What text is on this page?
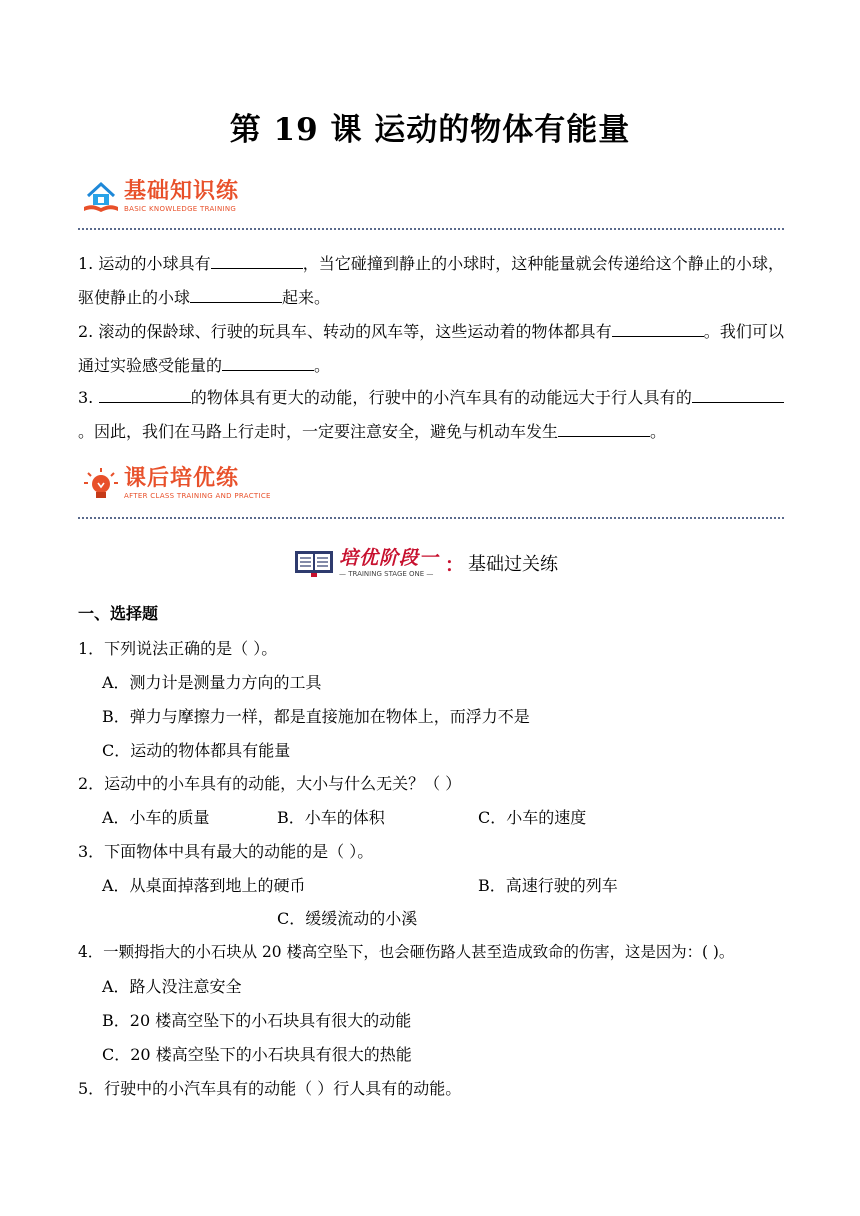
第 19 课 运动的物体有能量
基础知识练
BASIC KNOWLEDGE TRAINING
1. 运动的小球具有	，当它碰撞到静止的小球时，这种能量就会传递给这个静止的小球，驱使静止的小球	起来。
2. 滚动的保龄球、行驶的玩具车、转动的风车等，这些运动着的物体都具有	。我们可以通过实验感受能量的	。
3.	的物体具有更大的动能，行驶中的小汽车具有的动能远大于行人具有的。因此，我们在马路上行走时，一定要注意安全，避免与机动车发生	。
课后培优练
AFTER CLASS TRAINING AND PRACTICE
培优阶段一
— TRAINING STAGE ONE — ： 基础过关练
一、选择题
1．下列说法正确的是（ ）。
A．测力计是测量力方向的工具
B．弹力与摩擦力一样，都是直接施加在物体上，而浮力不是
C．运动的物体都具有能量
2．运动中的小车具有的动能，大小与什么无关？（ ）
A．小车的质量	B．小车的体积	C．小车的速度
3．下面物体中具有最大的动能的是（ ）。
A．从桌面掉落到地上的硬币	B．高速行驶的列车
C．缓缓流动的小溪
4．一颗拇指大的小石块从 20 楼高空坠下，也会砸伤路人甚至造成致命的伤害，这是因为：( )。
A．路人没注意安全
B．20 楼高空坠下的小石块具有很大的动能
C．20 楼高空坠下的小石块具有很大的热能
5．行驶中的小汽车具有的动能（ ）行人具有的动能。
